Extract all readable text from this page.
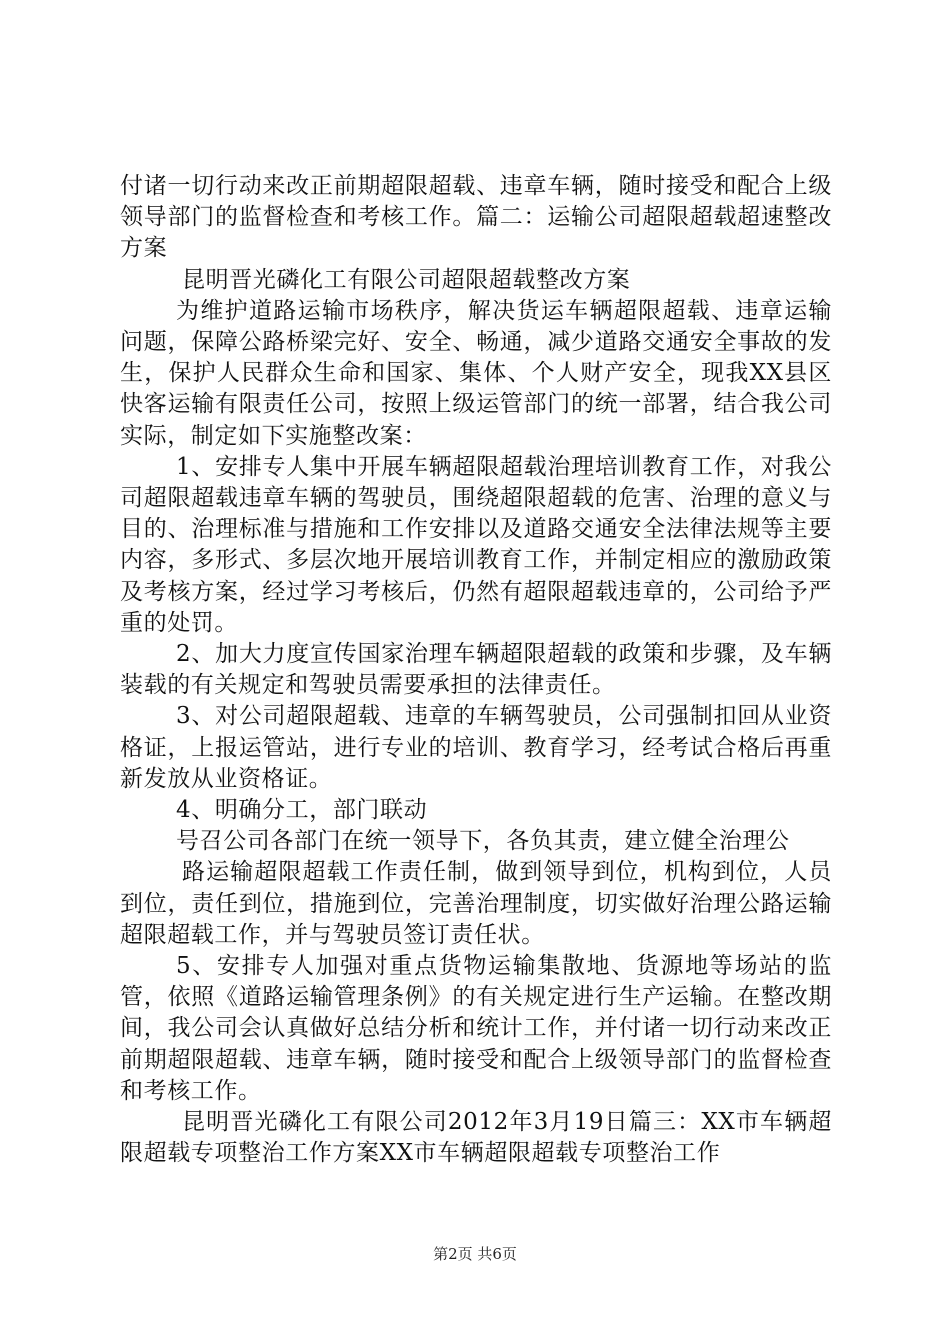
付诸一切行动来改正前期超限超载、违章车辆，随时接受和配合上级领导部门的监督检查和考核工作。篇二：运输公司超限超载超速整改方案

昆明晋光磷化工有限公司超限超载整改方案

为维护道路运输市场秩序，解决货运车辆超限超载、违章运输问题，保障公路桥梁完好、安全、畅通，减少道路交通安全事故的发生，保护人民群众生命和国家、集体、个人财产安全，现我XX县区快客运输有限责任公司，按照上级运管部门的统一部署，结合我公司实际，制定如下实施整改案：

1、安排专人集中开展车辆超限超载治理培训教育工作，对我公司超限超载违章车辆的驾驶员，围绕超限超载的危害、治理的意义与目的、治理标准与措施和工作安排以及道路交通安全法律法规等主要内容，多形式、多层次地开展培训教育工作，并制定相应的激励政策及考核方案，经过学习考核后，仍然有超限超载违章的，公司给予严重的处罚。

2、加大力度宣传国家治理车辆超限超载的政策和步骤，及车辆装载的有关规定和驾驶员需要承担的法律责任。

3、对公司超限超载、违章的车辆驾驶员，公司强制扣回从业资格证，上报运管站，进行专业的培训、教育学习，经考试合格后再重新发放从业资格证。

4、明确分工，部门联动

号召公司各部门在统一领导下，各负其责，建立健全治理公

路运输超限超载工作责任制，做到领导到位，机构到位，人员到位，责任到位，措施到位，完善治理制度，切实做好治理公路运输超限超载工作，并与驾驶员签订责任状。

5、安排专人加强对重点货物运输集散地、货源地等场站的监管，依照《道路运输管理条例》的有关规定进行生产运输。在整改期间，我公司会认真做好总结分析和统计工作，并付诸一切行动来改正前期超限超载、违章车辆，随时接受和配合上级领导部门的监督检查和考核工作。

昆明晋光磷化工有限公司2012年3月19日篇三：XX市车辆超限超载专项整治工作方案XX市车辆超限超载专项整治工作

第2页 共6页
